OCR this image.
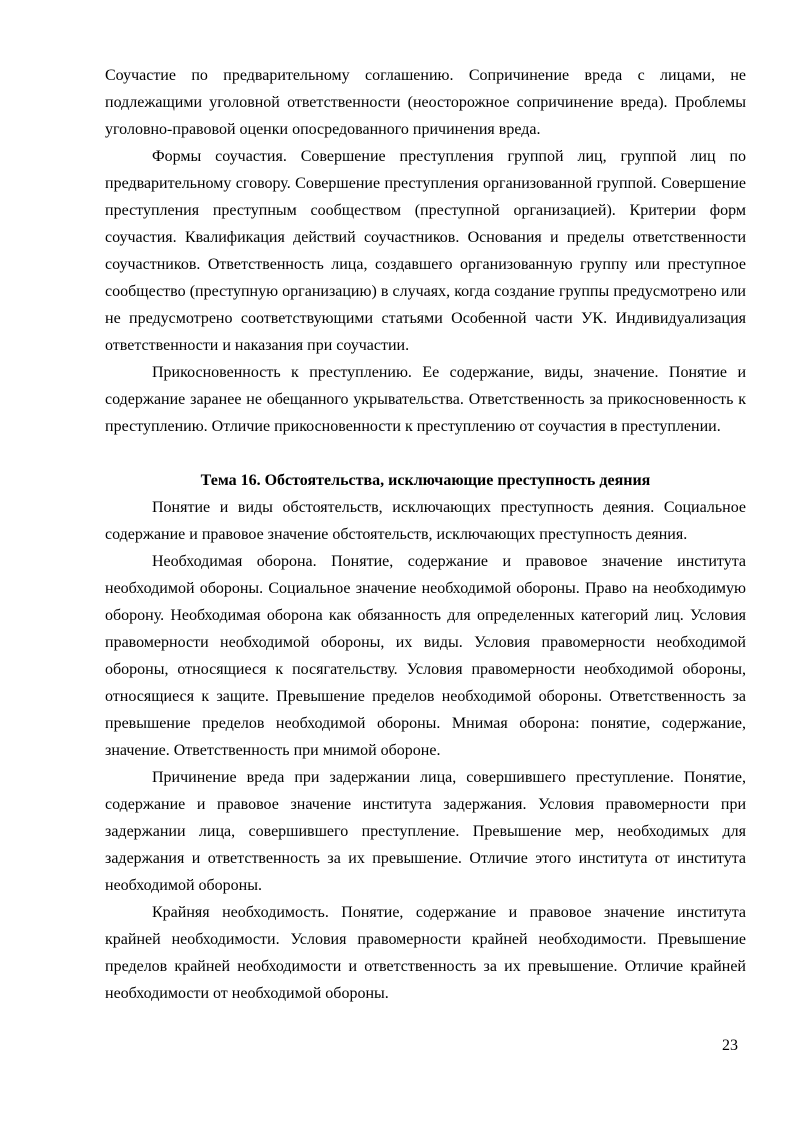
Соучастие по предварительному соглашению. Сопричинение вреда с лицами, не подлежащими уголовной ответственности (неосторожное сопричинение вреда). Проблемы уголовно-правовой оценки опосредованного причинения вреда.

Формы соучастия. Совершение преступления группой лиц, группой лиц по предварительному сговору. Совершение преступления организованной группой. Совершение преступления преступным сообществом (преступной организацией). Критерии форм соучастия. Квалификация действий соучастников. Основания и пределы ответственности соучастников. Ответственность лица, создавшего организованную группу или преступное сообщество (преступную организацию) в случаях, когда создание группы предусмотрено или не предусмотрено соответствующими статьями Особенной части УК. Индивидуализация ответственности и наказания при соучастии.

Прикосновенность к преступлению. Ее содержание, виды, значение. Понятие и содержание заранее не обещанного укрывательства. Ответственность за прикосновенность к преступлению. Отличие прикосновенности к преступлению от соучастия в преступлении.

Тема 16. Обстоятельства, исключающие преступность деяния

Понятие и виды обстоятельств, исключающих преступность деяния. Социальное содержание и правовое значение обстоятельств, исключающих преступность деяния.

Необходимая оборона. Понятие, содержание и правовое значение института необходимой обороны. Социальное значение необходимой обороны. Право на необходимую оборону. Необходимая оборона как обязанность для определенных категорий лиц. Условия правомерности необходимой обороны, их виды. Условия правомерности необходимой обороны, относящиеся к посягательству. Условия правомерности необходимой обороны, относящиеся к защите. Превышение пределов необходимой обороны. Ответственность за превышение пределов необходимой обороны. Мнимая оборона: понятие, содержание, значение. Ответственность при мнимой обороне.

Причинение вреда при задержании лица, совершившего преступление. Понятие, содержание и правовое значение института задержания. Условия правомерности при задержании лица, совершившего преступление. Превышение мер, необходимых для задержания и ответственность за их превышение. Отличие этого института от института необходимой обороны.

Крайняя необходимость. Понятие, содержание и правовое значение института крайней необходимости. Условия правомерности крайней необходимости. Превышение пределов крайней необходимости и ответственность за их превышение. Отличие крайней необходимости от необходимой обороны.

23
